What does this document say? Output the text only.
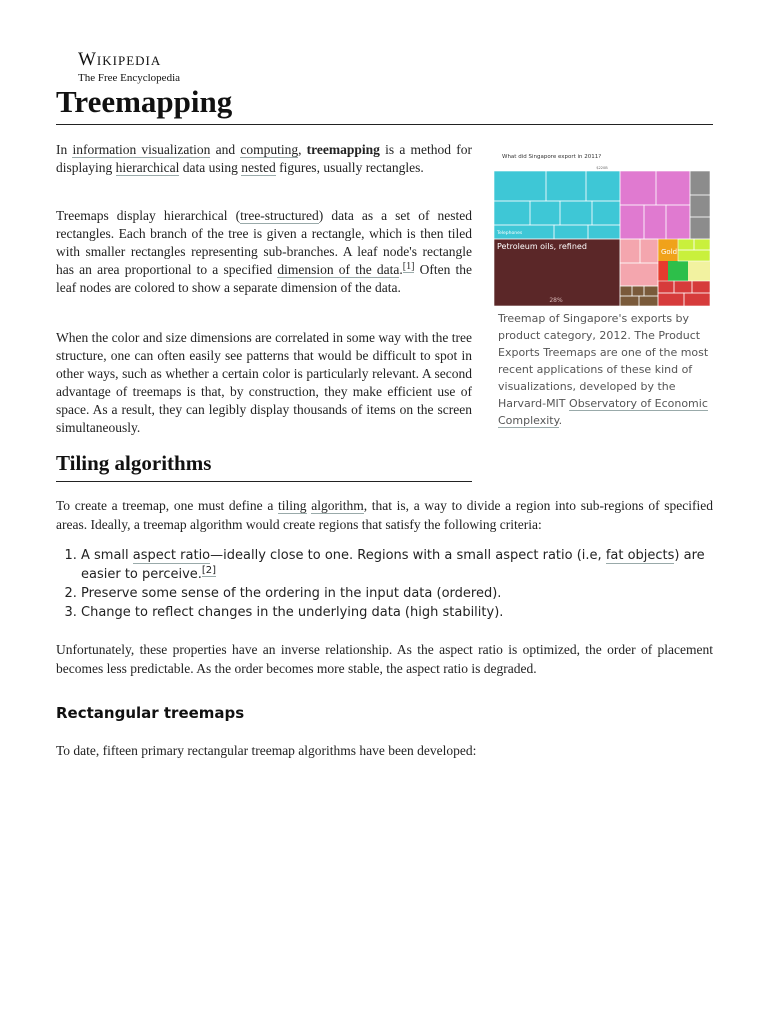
Wikipedia
The Free Encyclopedia
Treemapping

In information visualization and computing, treemapping is a method for displaying hierarchical data using nested figures, usually rectangles.

Treemaps display hierarchical (tree-structured) data as a set of nested rectangles. Each branch of the tree is given a rectangle, which is then tiled with smaller rectangles representing sub-branches. A leaf node's rectangle has an area proportional to a specified dimension of the data.[1] Often the leaf nodes are colored to show a separate dimension of the data.

When the color and size dimensions are correlated in some way with the tree structure, one can often easily see patterns that would be difficult to spot in other ways, such as whether a certain color is particularly relevant. A second advantage of treemaps is that, by construction, they make efficient use of space. As a result, they can legibly display thousands of items on the screen simultaneously.

What did Singapore export in 2011?
$220B
Telephones
Petroleum oils, refined
Gold
28%

Treemap of Singapore's exports by product category, 2012. The Product Exports Treemaps are one of the most recent applications of these kind of visualizations, developed by the Harvard-MIT Observatory of Economic Complexity.

Tiling algorithms

To create a treemap, one must define a tiling algorithm, that is, a way to divide a region into sub-regions of specified areas. Ideally, a treemap algorithm would create regions that satisfy the following criteria:

1. A small aspect ratio—ideally close to one. Regions with a small aspect ratio (i.e, fat objects) are easier to perceive.[2]
2. Preserve some sense of the ordering in the input data (ordered).
3. Change to reflect changes in the underlying data (high stability).

Unfortunately, these properties have an inverse relationship. As the aspect ratio is optimized, the order of placement becomes less predictable. As the order becomes more stable, the aspect ratio is degraded.

Rectangular treemaps

To date, fifteen primary rectangular treemap algorithms have been developed:
